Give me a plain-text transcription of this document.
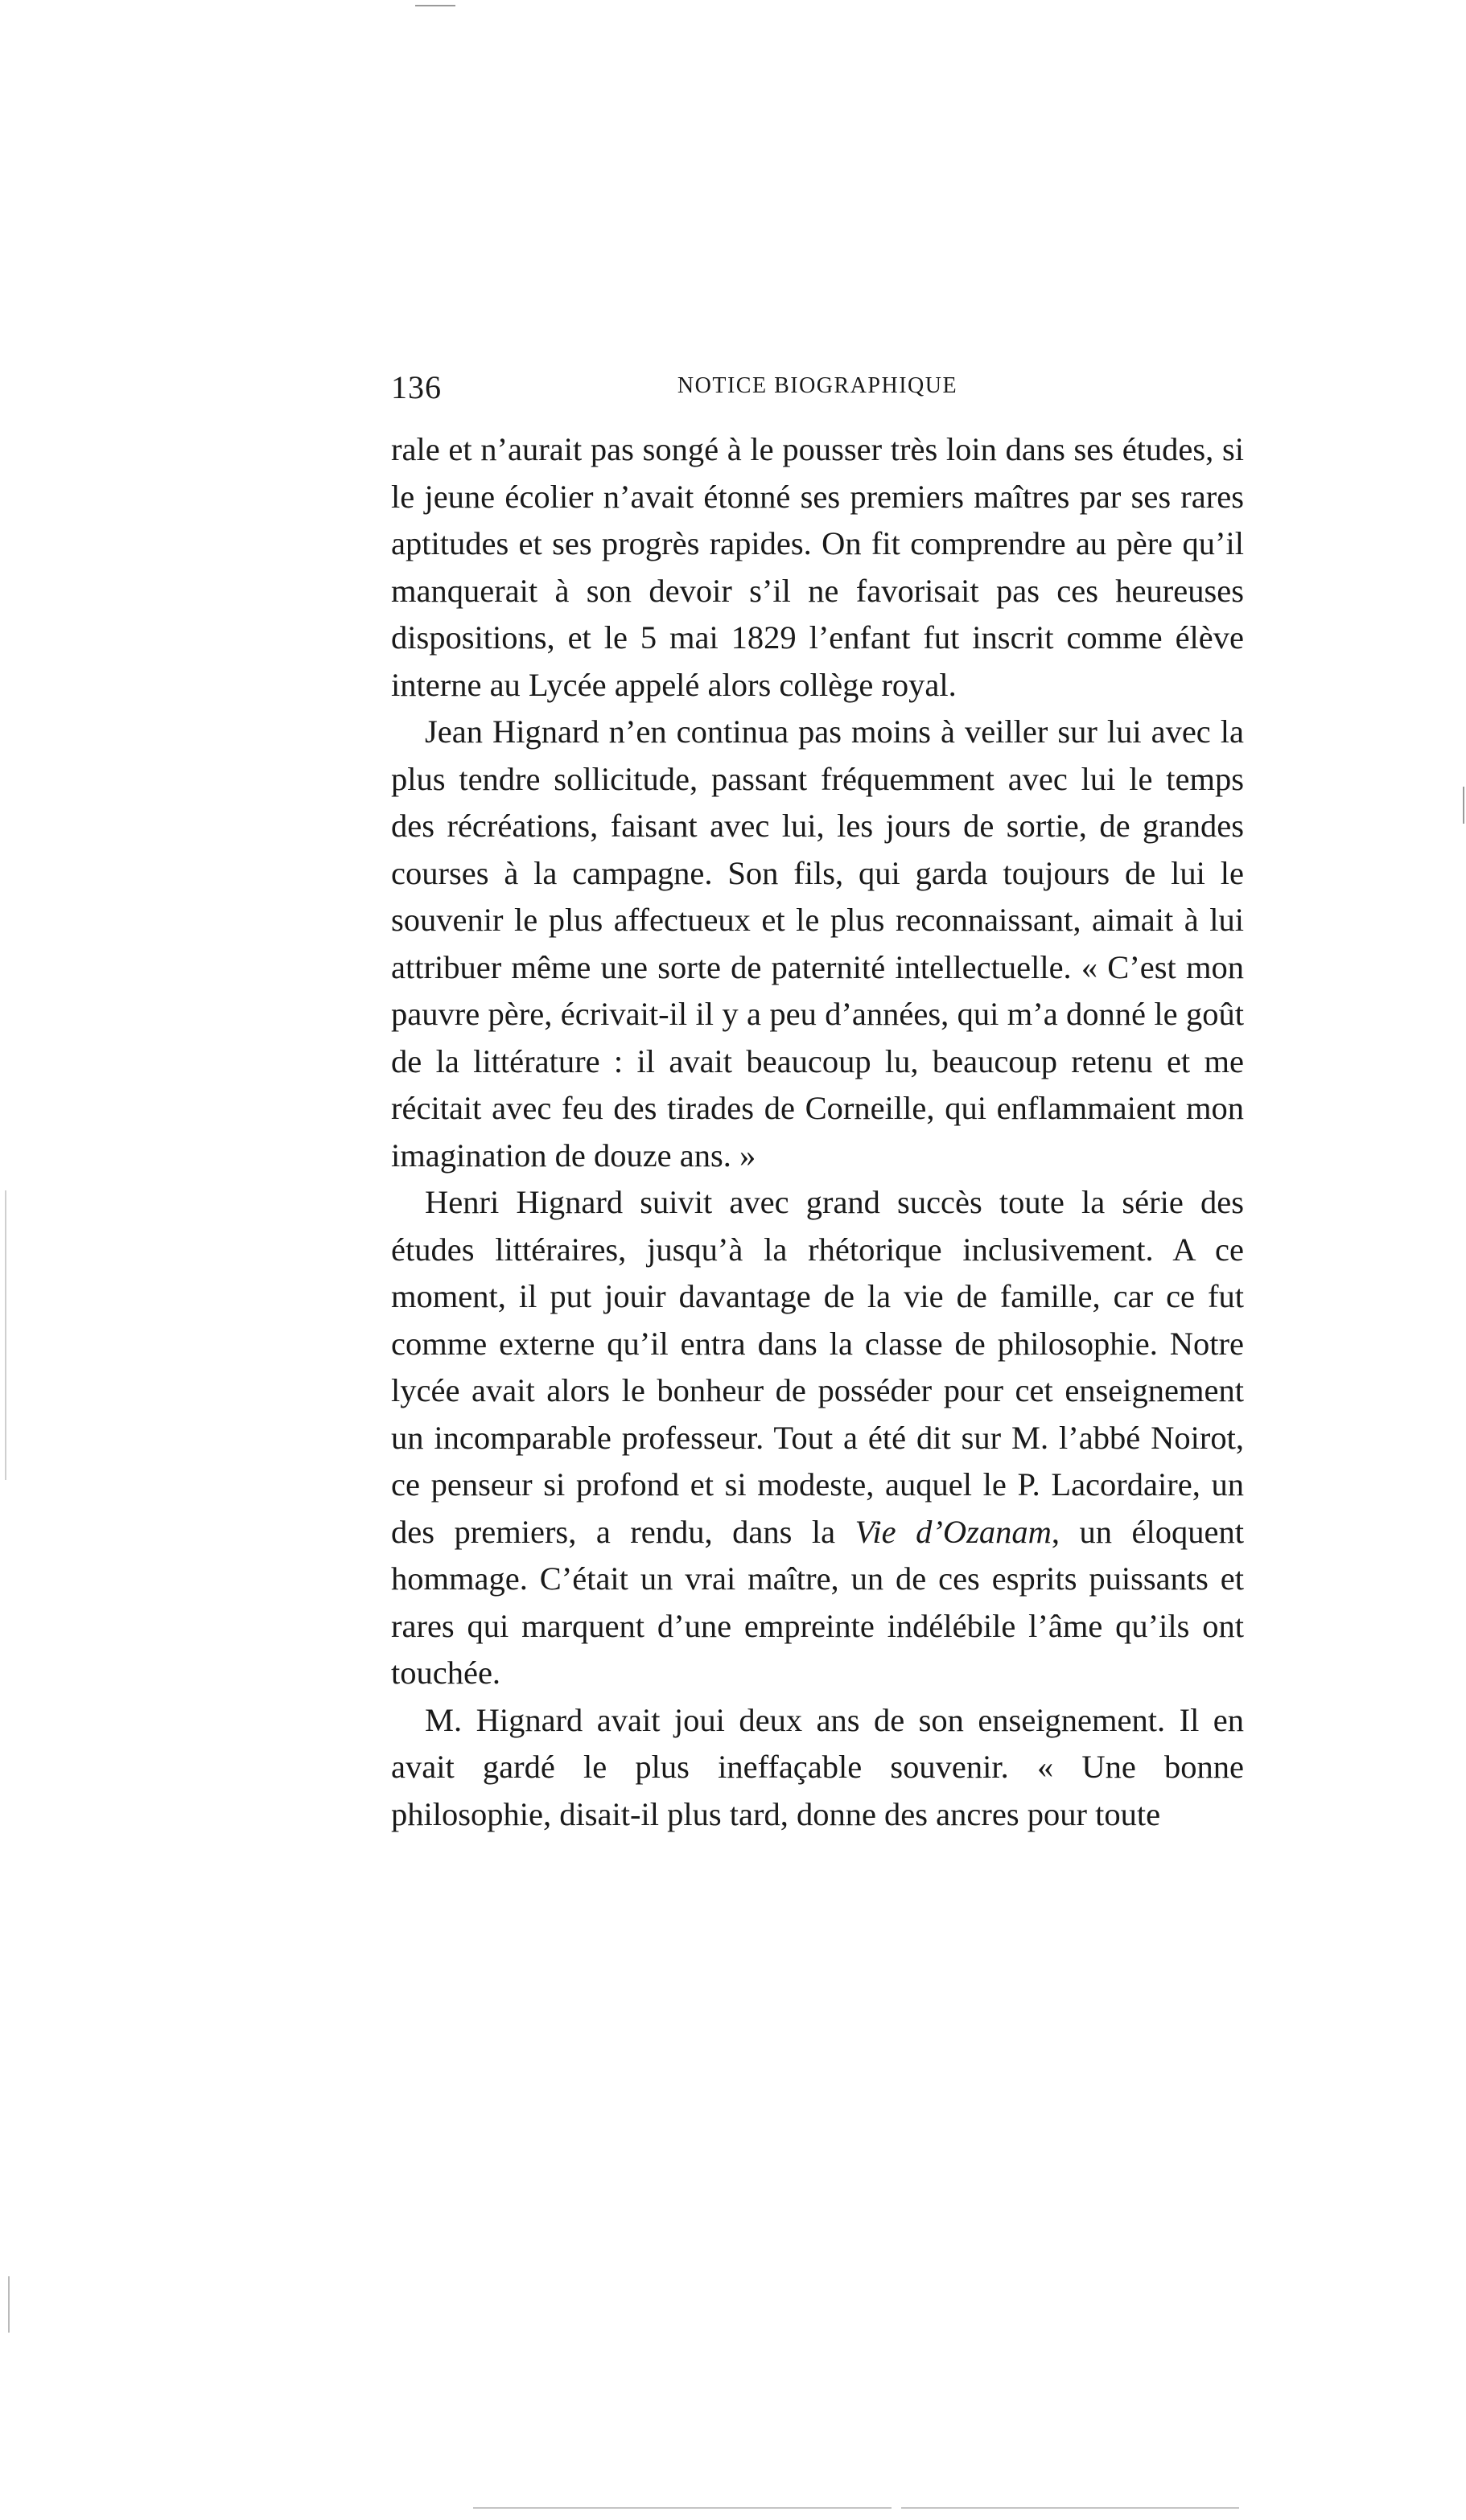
136	NOTICE BIOGRAPHIQUE

rale et n’aurait pas songé à le pousser très loin dans ses études, si le jeune écolier n’avait étonné ses premiers maîtres par ses rares aptitudes et ses progrès rapides. On fit comprendre au père qu’il manquerait à son devoir s’il ne favorisait pas ces heureuses dispositions, et le 5 mai 1829 l’enfant fut inscrit comme élève interne au Lycée appelé alors collège royal.

Jean Hignard n’en continua pas moins à veiller sur lui avec la plus tendre sollicitude, passant fréquemment avec lui le temps des récréations, faisant avec lui, les jours de sortie, de grandes courses à la campagne. Son fils, qui garda toujours de lui le souvenir le plus affectueux et le plus reconnaissant, aimait à lui attribuer même une sorte de paternité intellectuelle. « C’est mon pauvre père, écrivait-il il y a peu d’années, qui m’a donné le goût de la littérature : il avait beaucoup lu, beaucoup retenu et me récitait avec feu des tirades de Corneille, qui enflammaient mon imagination de douze ans. »

Henri Hignard suivit avec grand succès toute la série des études littéraires, jusqu’à la rhétorique inclusivement. A ce moment, il put jouir davantage de la vie de famille, car ce fut comme externe qu’il entra dans la classe de philosophie. Notre lycée avait alors le bonheur de posséder pour cet enseignement un incomparable professeur. Tout a été dit sur M. l’abbé Noirot, ce penseur si profond et si modeste, auquel le P. Lacordaire, un des premiers, a rendu, dans la Vie d’Ozanam, un éloquent hommage. C’était un vrai maître, un de ces esprits puissants et rares qui marquent d’une empreinte indélébile l’âme qu’ils ont touchée.

M. Hignard avait joui deux ans de son enseignement. Il en avait gardé le plus ineffaçable souvenir. « Une bonne philosophie, disait-il plus tard, donne des ancres pour toute
